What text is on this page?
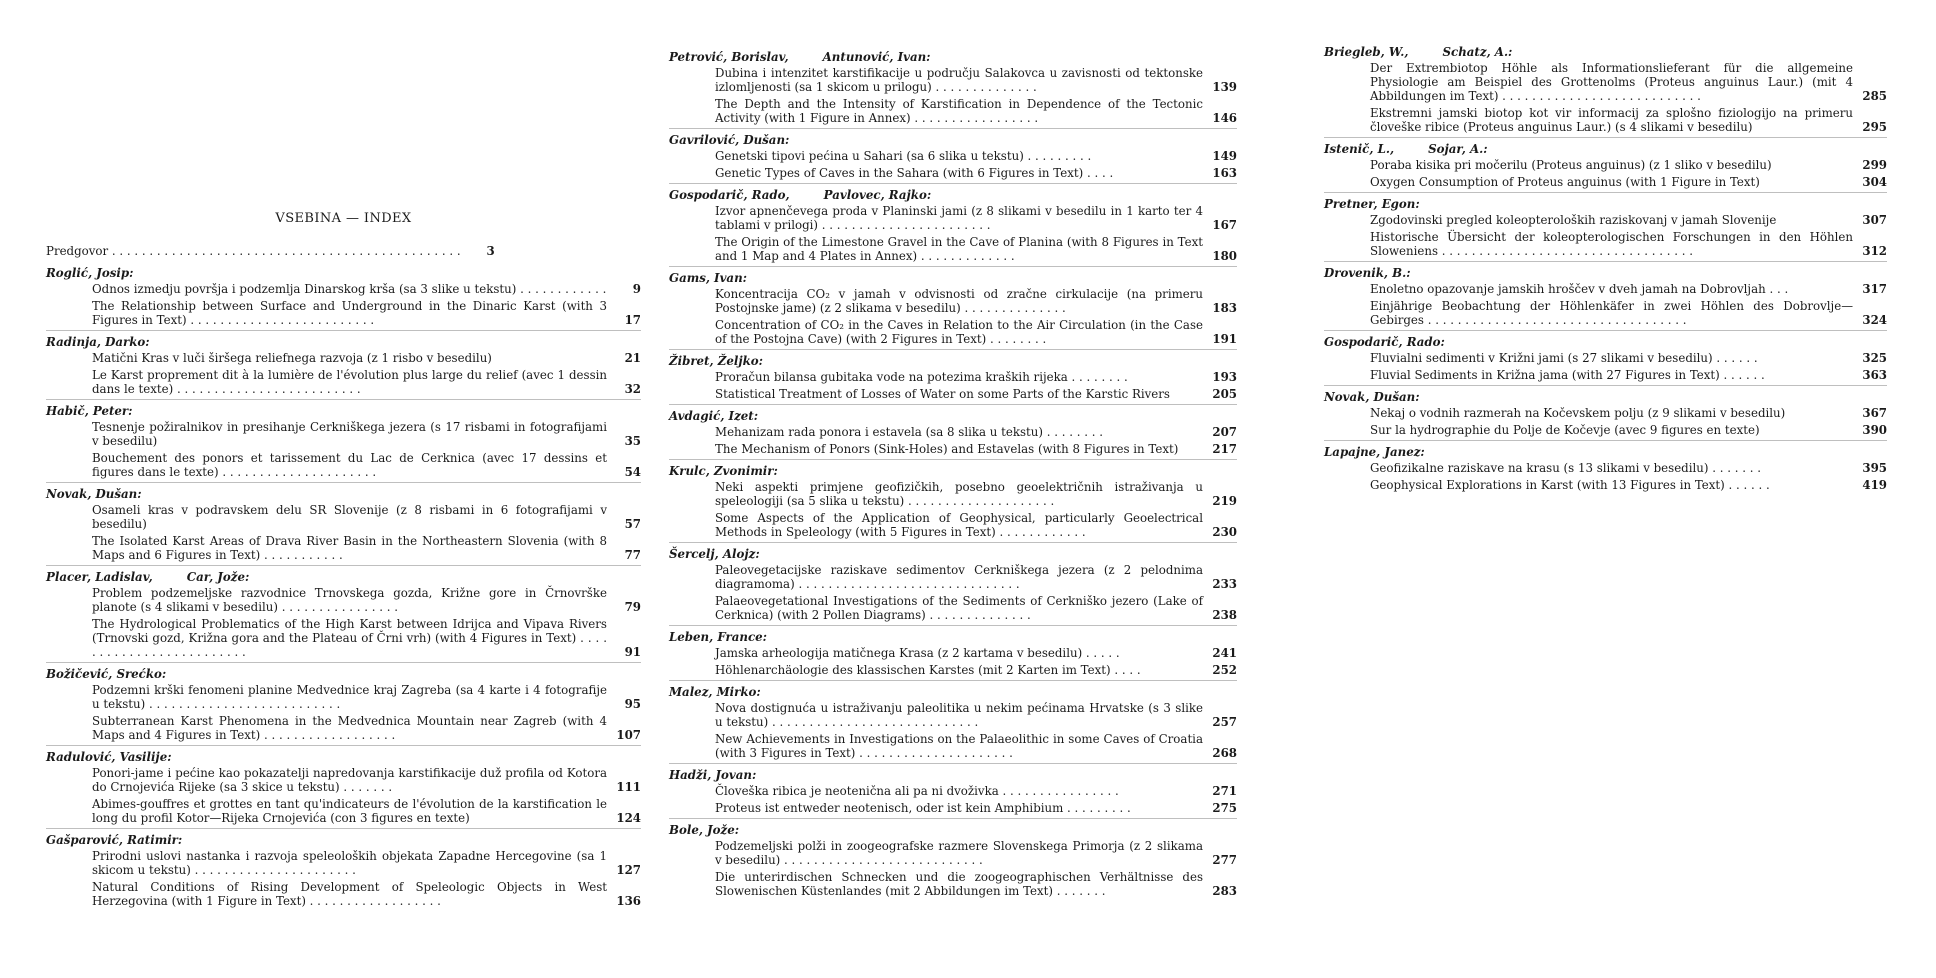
VSEBINA — INDEX
Predgovor . . . . . . . . . . . . . . . . . . . . . . . . . . . . . . . . . . . . . . . . . . . . . . .	3
Roglić, Josip:
Odnos izmedju površja i podzemlja Dinarskog krša (sa 3 slike u tekstu) . . . . . . . . . . . .	9
The Relationship between Surface and Underground in the Dinaric Karst (with 3 Figures in Text) . . . . . . . . . . . . . . . . . . . . . . . . .	17
Radinja, Darko:
Matični Kras v luči širšega reliefnega razvoja (z 1 risbo v besedilu)	21
Le Karst proprement dit à la lumière de l'évolution plus large du relief (avec 1 dessin dans le texte) . . . . . . . . . . . . . . . . . . . . . . . . .	32
Habič, Peter:
Tesnenje požiralnikov in presihanje Cerkniškega jezera (s 17 risbami in fotografijami v besedilu)	35
Bouchement des ponors et tarissement du Lac de Cerknica (avec 17 dessins et figures dans le texte) . . . . . . . . . . . . . . . . . . . . .	54
Novak, Dušan:
Osameli kras v podravskem delu SR Slovenije (z 8 risbami in 6 fotografijami v besedilu)	57
The Isolated Karst Areas of Drava River Basin in the Northeastern Slovenia (with 8 Maps and 6 Figures in Text) . . . . . . . . . . .	77
Placer, Ladislav,	Car, Jože:
Problem podzemeljske razvodnice Trnovskega gozda, Križne gore in Črnovrške planote (s 4 slikami v besedilu) . . . . . . . . . . . . . . . .	79
The Hydrological Problematics of the High Karst between Idrijca and Vipava Rivers (Trnovski gozd, Križna gora and the Plateau of Črni vrh) (with 4 Figures in Text) . . . . . . . . . . . . . . . . . . . . . . . . .	91
Božičević, Srećko:
Podzemni krški fenomeni planine Medvednice kraj Zagreba (sa 4 karte i 4 fotografije u tekstu) . . . . . . . . . . . . . . . . . . . . . . . . . .	95
Subterranean Karst Phenomena in the Medvednica Mountain near Zagreb (with 4 Maps and 4 Figures in Text) . . . . . . . . . . . . . . . . . .	107
Radulović, Vasilije:
Ponori-jame i pećine kao pokazatelji napredovanja karstifikacije duž profila od Kotora do Crnojevića Rijeke (sa 3 skice u tekstu) . . . . . . .	111
Abimes-gouffres et grottes en tant qu'indicateurs de l'évolution de la karstification le long du profil Kotor—Rijeka Crnojevića (con 3 figures en texte)	124
Gašparović, Ratimir:
Prirodni uslovi nastanka i razvoja speleoloških objekata Zapadne Hercegovine (sa 1 skicom u tekstu) . . . . . . . . . . . . . . . . . . . . . .	127
Natural Conditions of Rising Development of Speleologic Objects in West Herzegovina (with 1 Figure in Text) . . . . . . . . . . . . . . . . . .	136
Petrović, Borislav,	Antunović, Ivan:
Dubina i intenzitet karstifikacije u području Salakovca u zavisnosti od tektonske izlomljenosti (sa 1 skicom u prilogu) . . . . . . . . . . . . . .	139
The Depth and the Intensity of Karstification in Dependence of the Tectonic Activity (with 1 Figure in Annex) . . . . . . . . . . . . . . . . .	146
Gavrilović, Dušan:
Genetski tipovi pećina u Sahari (sa 6 slika u tekstu) . . . . . . . . .	149
Genetic Types of Caves in the Sahara (with 6 Figures in Text) . . . .	163
Gospodarič, Rado,	Pavlovec, Rajko:
Izvor apnenčevega proda v Planinski jami (z 8 slikami v besedilu in 1 karto ter 4 tablami v prilogi) . . . . . . . . . . . . . . . . . . . . . . .	167
The Origin of the Limestone Gravel in the Cave of Planina (with 8 Figures in Text and 1 Map and 4 Plates in Annex) . . . . . . . . . . . . .	180
Gams, Ivan:
Koncentracija CO₂ v jamah v odvisnosti od zračne cirkulacije (na primeru Postojnske jame) (z 2 slikama v besedilu) . . . . . . . . . . . . . .	183
Concentration of CO₂ in the Caves in Relation to the Air Circulation (in the Case of the Postojna Cave) (with 2 Figures in Text) . . . . . . . .	191
Žibret, Željko:
Proračun bilansa gubitaka vode na potezima kraških rijeka . . . . . . . .	193
Statistical Treatment of Losses of Water on some Parts of the Karstic Rivers	205
Avdagić, Izet:
Mehanizam rada ponora i estavela (sa 8 slika u tekstu) . . . . . . . .	207
The Mechanism of Ponors (Sink-Holes) and Estavelas (with 8 Figures in Text)	217
Krulc, Zvonimir:
Neki aspekti primjene geofizičkih, posebno geoelektričnih istraživanja u speleologiji (sa 5 slika u tekstu) . . . . . . . . . . . . . . . . . . . .	219
Some Aspects of the Application of Geophysical, particularly Geoelectrical Methods in Speleology (with 5 Figures in Text) . . . . . . . . . . . .	230
Šercelj, Alojz:
Paleovegetacijske raziskave sedimentov Cerkniškega jezera (z 2 pelodnima diagramoma) . . . . . . . . . . . . . . . . . . . . . . . . . . . . . .	233
Palaeovegetational Investigations of the Sediments of Cerkniško jezero (Lake of Cerknica) (with 2 Pollen Diagrams) . . . . . . . . . . . . . .	238
Leben, France:
Jamska arheologija matičnega Krasa (z 2 kartama v besedilu) . . . . .	241
Höhlenarchäologie des klassischen Karstes (mit 2 Karten im Text) . . . .	252
Malez, Mirko:
Nova dostignuća u istraživanju paleolitika u nekim pećinama Hrvatske (s 3 slike u tekstu) . . . . . . . . . . . . . . . . . . . . . . . . . . . .	257
New Achievements in Investigations on the Palaeolithic in some Caves of Croatia (with 3 Figures in Text) . . . . . . . . . . . . . . . . . . . . .	268
Hadži, Jovan:
Človeška ribica je neotenična ali pa ni dvoživka . . . . . . . . . . . . . . . .	271
Proteus ist entweder neotenisch, oder ist kein Amphibium . . . . . . . . .	275
Bole, Jože:
Podzemeljski polži in zoogeografske razmere Slovenskega Primorja (z 2 slikama v besedilu) . . . . . . . . . . . . . . . . . . . . . . . . . . .	277
Die unterirdischen Schnecken und die zoogeographischen Verhältnisse des Slowenischen Küstenlandes (mit 2 Abbildungen im Text) . . . . . . .	283
Briegleb, W.,	Schatz, A.:
Der Extrembiotop Höhle als Informationslieferant für die allgemeine Physiologie am Beispiel des Grottenolms (Proteus anguinus Laur.) (mit 4 Abbildungen im Text) . . . . . . . . . . . . . . . . . . . . . . . . . . .	285
Ekstremni jamski biotop kot vir informacij za splošno fiziologijo na primeru človeške ribice (Proteus anguinus Laur.) (s 4 slikami v besedilu)	295
Istenič, L.,	Sojar, A.:
Poraba kisika pri močerilu (Proteus anguinus) (z 1 sliko v besedilu)	299
Oxygen Consumption of Proteus anguinus (with 1 Figure in Text)	304
Pretner, Egon:
Zgodovinski pregled koleopteroloških raziskovanj v jamah Slovenije	307
Historische Übersicht der koleopterologischen Forschungen in den Höhlen Sloweniens . . . . . . . . . . . . . . . . . . . . . . . . . . . . . . . . . .	312
Drovenik, B.:
Enoletno opazovanje jamskih hroščev v dveh jamah na Dobrovljah . . .	317
Einjährige Beobachtung der Höhlenkäfer in zwei Höhlen des Dobrovlje—Gebirges . . . . . . . . . . . . . . . . . . . . . . . . . . . . . . . . . . .	324
Gospodarič, Rado:
Fluvialni sedimenti v Križni jami (s 27 slikami v besedilu) . . . . . .	325
Fluvial Sediments in Križna jama (with 27 Figures in Text) . . . . . .	363
Novak, Dušan:
Nekaj o vodnih razmerah na Kočevskem polju (z 9 slikami v besedilu)	367
Sur la hydrographie du Polje de Kočevje (avec 9 figures en texte)	390
Lapajne, Janez:
Geofizikalne raziskave na krasu (s 13 slikami v besedilu) . . . . . . .	395
Geophysical Explorations in Karst (with 13 Figures in Text) . . . . . .	419
